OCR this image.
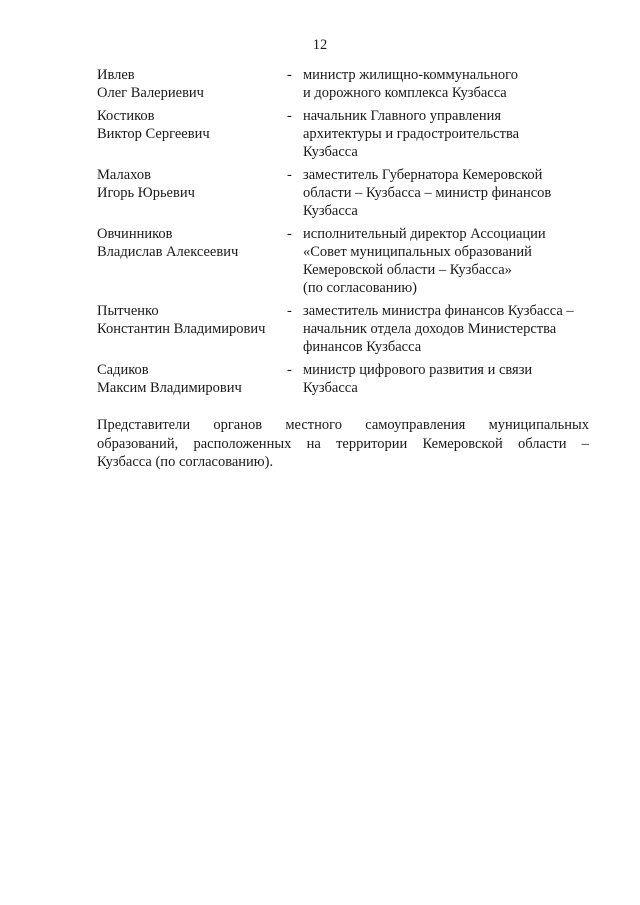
12
Ивлев
Олег Валериевич
- министр жилищно-коммунального
и дорожного комплекса Кузбасса
Костиков
Виктор Сергеевич
- начальник Главного управления
архитектуры и градостроительства
Кузбасса
Малахов
Игорь Юрьевич
- заместитель Губернатора Кемеровской
области – Кузбасса – министр финансов
Кузбасса
Овчинников
Владислав Алексеевич
- исполнительный директор Ассоциации
«Совет муниципальных образований
Кемеровской области – Кузбасса»
(по согласованию)
Пытченко
Константин Владимирович
- заместитель министра финансов Кузбасса –
начальник отдела доходов Министерства
финансов Кузбасса
Садиков
Максим Владимирович
- министр цифрового развития и связи
Кузбасса
Представители органов местного самоуправления муниципальных
образований, расположенных на территории Кемеровской области –
Кузбасса (по согласованию).
